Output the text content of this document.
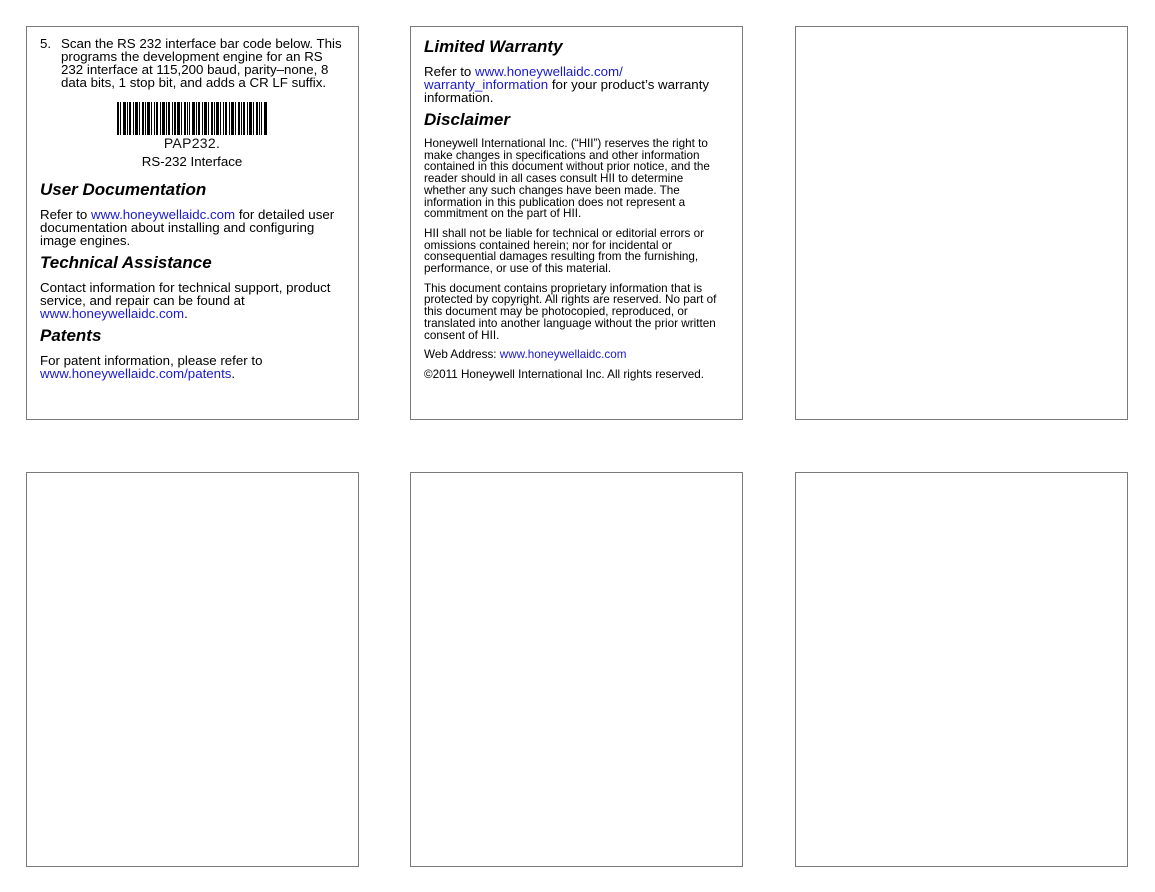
5. Scan the RS 232 interface bar code below. This programs the development engine for an RS 232 interface at 115,200 baud, parity–none, 8 data bits, 1 stop bit, and adds a CR LF suffix.
PAP232.
RS-232 Interface
User Documentation

Refer to www.honeywellaidc.com for detailed user documentation about installing and configuring image engines.

Technical Assistance

Contact information for technical support, product service, and repair can be found at www.honeywellaidc.com.

Patents

For patent information, please refer to www.honeywellaidc.com/patents.

Limited Warranty

Refer to www.honeywellaidc.com/ warranty_information for your product’s warranty information.

Disclaimer

Honeywell International Inc. (“HII”) reserves the right to make changes in specifications and other information contained in this document without prior notice, and the reader should in all cases consult HII to determine whether any such changes have been made. The information in this publication does not represent a commitment on the part of HII.

HII shall not be liable for technical or editorial errors or omissions contained herein; nor for incidental or consequential damages resulting from the furnishing, performance, or use of this material.

This document contains proprietary information that is protected by copyright. All rights are reserved. No part of this document may be photocopied, reproduced, or translated into another language without the prior written consent of HII.

Web Address: www.honeywellaidc.com

©2011 Honeywell International Inc. All rights reserved.
